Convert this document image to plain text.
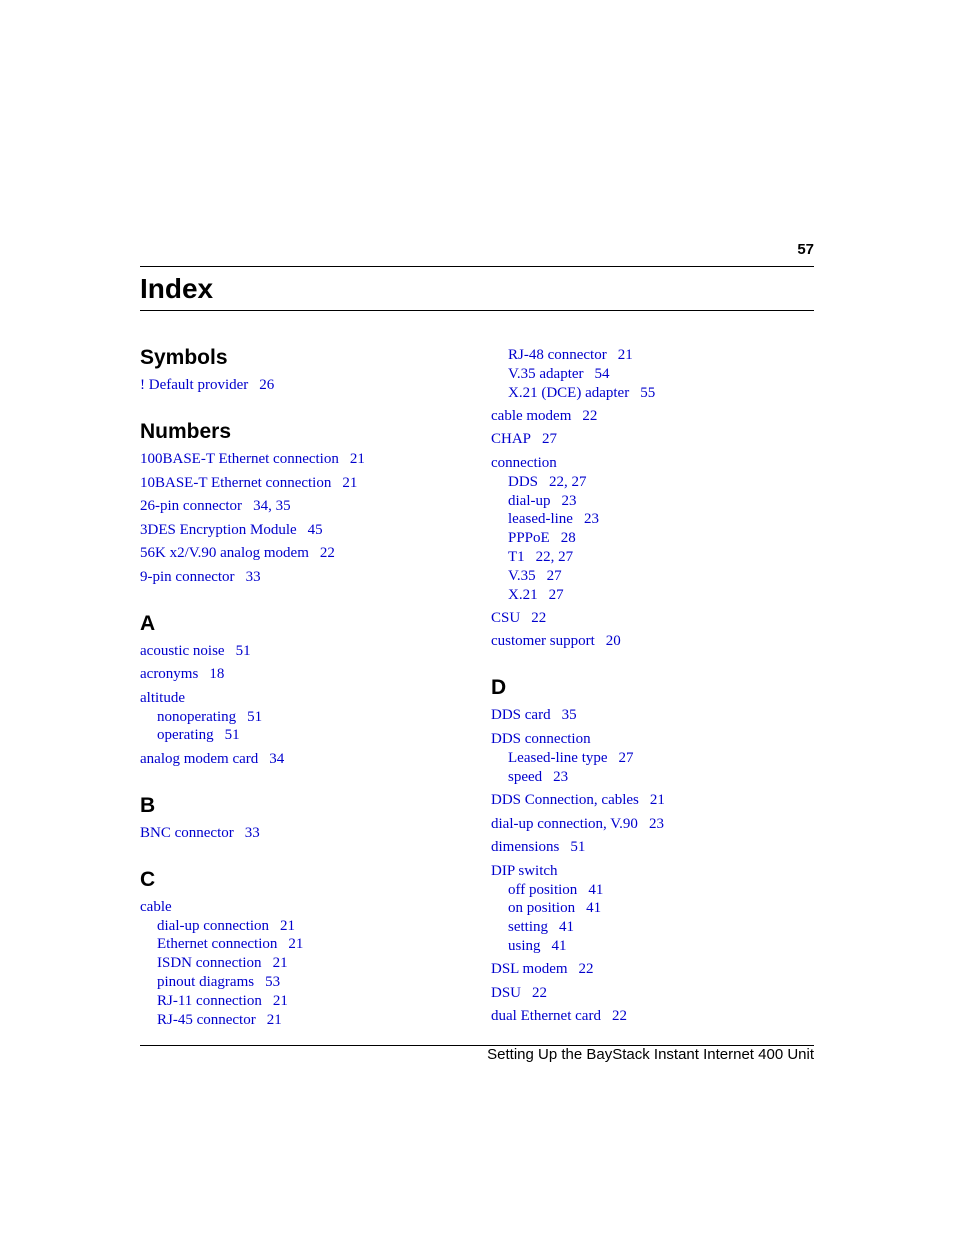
57
Index
Symbols
! Default provider 26
Numbers
100BASE-T Ethernet connection 21
10BASE-T Ethernet connection 21
26-pin connector 34, 35
3DES Encryption Module 45
56K x2/V.90 analog modem 22
9-pin connector 33
A
acoustic noise 51
acronyms 18
altitude
nonoperating 51
operating 51
analog modem card 34
B
BNC connector 33
C
cable
dial-up connection 21
Ethernet connection 21
ISDN connection 21
pinout diagrams 53
RJ-11 connection 21
RJ-45 connector 21
RJ-48 connector 21
V.35 adapter 54
X.21 (DCE) adapter 55
cable modem 22
CHAP 27
connection
DDS 22, 27
dial-up 23
leased-line 23
PPPoE 28
T1 22, 27
V.35 27
X.21 27
CSU 22
customer support 20
D
DDS card 35
DDS connection
Leased-line type 27
speed 23
DDS Connection, cables 21
dial-up connection, V.90 23
dimensions 51
DIP switch
off position 41
on position 41
setting 41
using 41
DSL modem 22
DSU 22
dual Ethernet card 22
Setting Up the BayStack Instant Internet 400 Unit
